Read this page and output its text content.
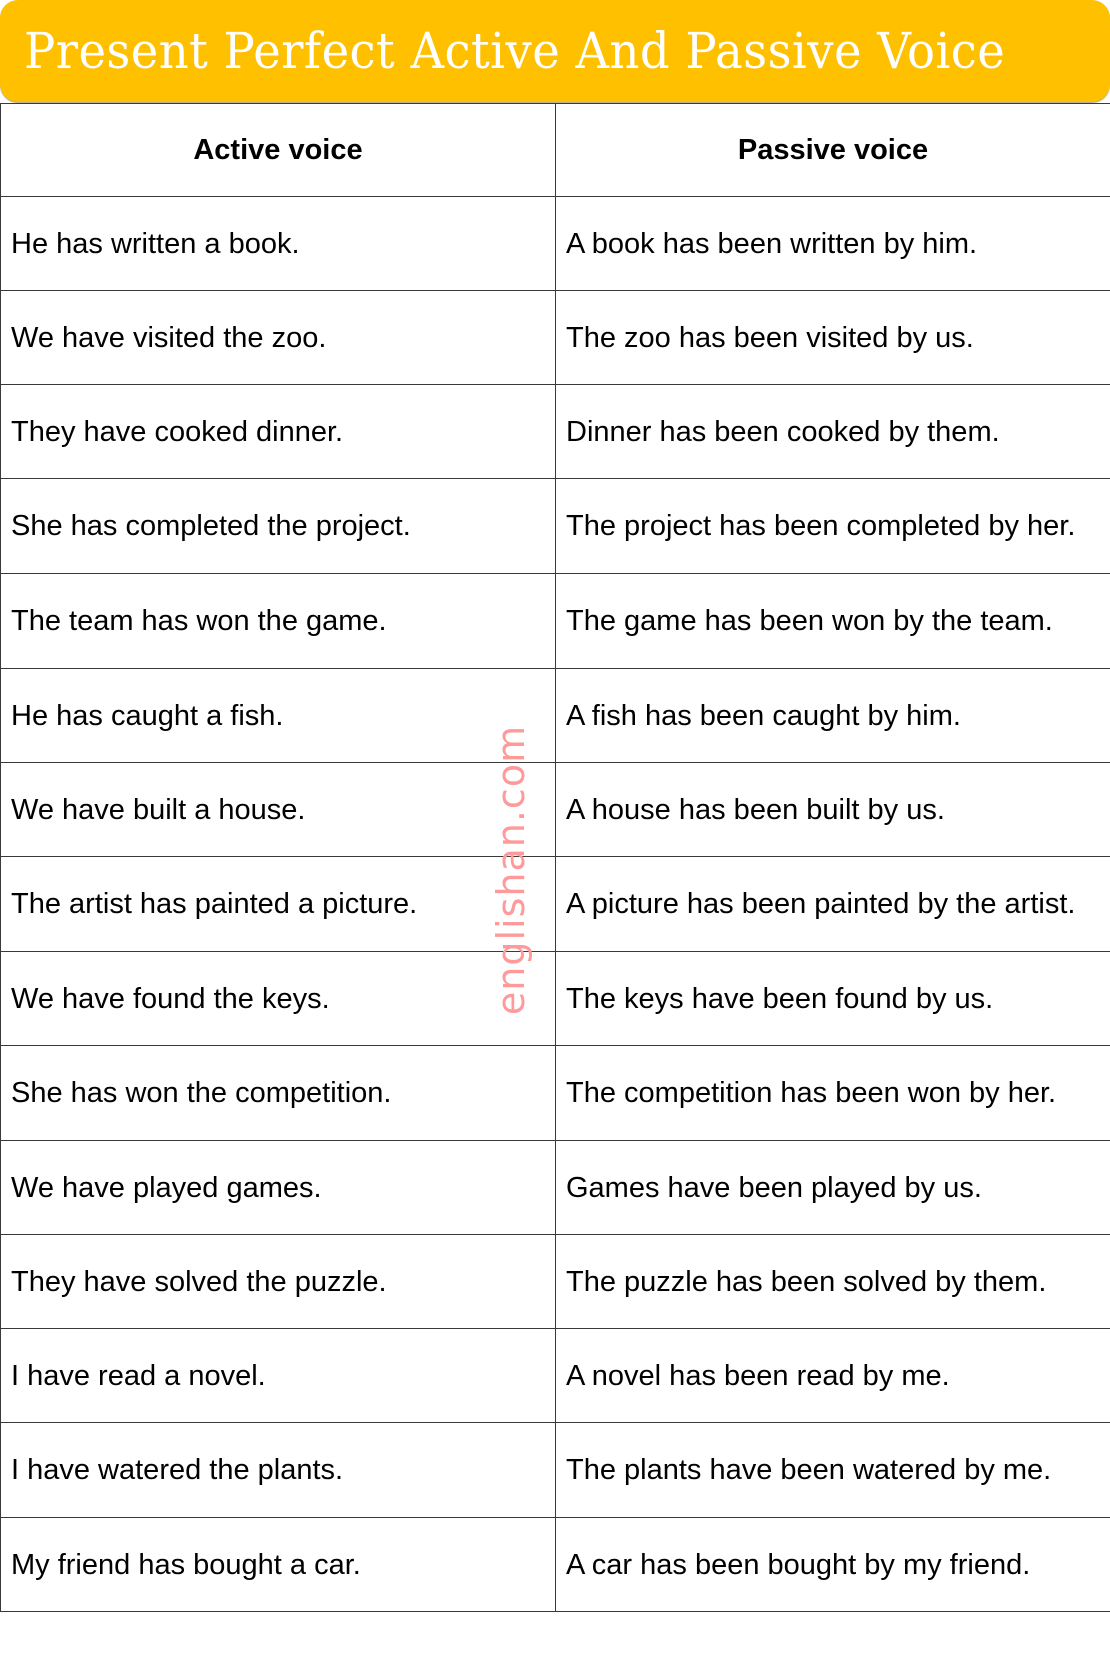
Present Perfect Active And Passive Voice
Active voice	Passive voice
He has written a book.	A book has been written by him.
We have visited the zoo.	The zoo has been visited by us.
They have cooked dinner.	Dinner has been cooked by them.
She has completed the project.	The project has been completed by her.
The team has won the game.	The game has been won by the team.
He has caught a fish.	A fish has been caught by him.
We have built a house.	A house has been built by us.
The artist has painted a picture.	A picture has been painted by the artist.
We have found the keys.	The keys have been found by us.
She has won the competition.	The competition has been won by her.
We have played games.	Games have been played by us.
They have solved the puzzle.	The puzzle has been solved by them.
I have read a novel.	A novel has been read by me.
I have watered the plants.	The plants have been watered by me.
My friend has bought a car.	A car has been bought by my friend.
englishan.com
